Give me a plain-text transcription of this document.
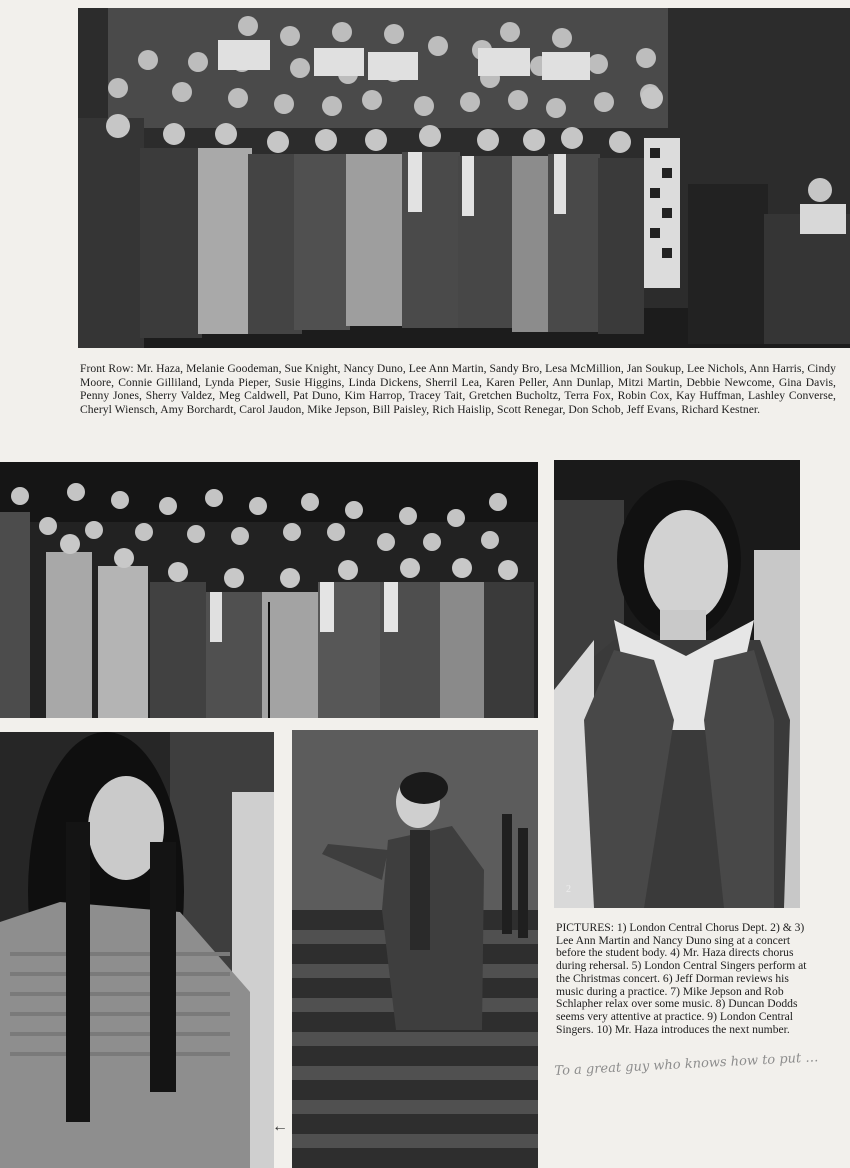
Front Row: Mr. Haza, Melanie Goodeman, Sue Knight, Nancy Duno, Lee Ann Martin, Sandy Bro, Lesa McMillion, Jan Soukup, Lee Nichols, Ann Harris, Cindy Moore, Connie Gilliland, Lynda Pieper, Susie Higgins, Linda Dickens, Sherril Lea, Karen Peller, Ann Dunlap, Mitzi Martin, Debbie Newcome, Gina Davis, Penny Jones, Sherry Valdez, Meg Caldwell, Pat Duno, Kim Harrop, Tracey Tait, Gretchen Bucholtz, Terra Fox, Robin Cox, Kay Huffman, Lashley Converse, Cheryl Wiensch, Amy Borchardt, Carol Jaudon, Mike Jepson, Bill Paisley, Rich Haislip, Scott Renegar, Don Schob, Jeff Evans, Richard Kestner.
2
PICTURES: 1) London Central Chorus Dept. 2) & 3) Lee Ann Martin and Nancy Duno sing at a concert before the student body. 4) Mr. Haza directs chorus during rehersal. 5) London Central Singers perform at the Christmas concert. 6) Jeff Dorman reviews his music during a practice. 7) Mike Jepson and Rob Schlapher relax over some music. 8) Duncan Dodds seems very attentive at practice. 9) London Central Singers. 10) Mr. Haza introduces the next number.
To a great guy who knows how to put …
←
